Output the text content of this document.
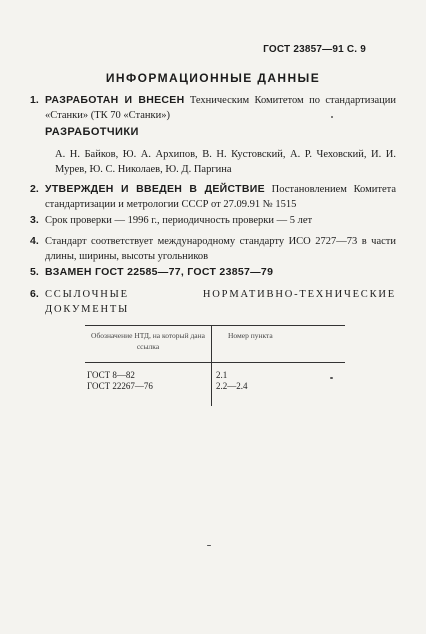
ГОСТ 23857—91 С. 9
ИНФОРМАЦИОННЫЕ ДАННЫЕ
1. РАЗРАБОТАН И ВНЕСЕН Техническим Комитетом по стандартизации «Станки» (ТК 70 «Станки»)
РАЗРАБОТЧИКИ
А. Н. Байков, Ю. А. Архипов, В. Н. Кустовский, А. Р. Чеховский, И. И. Мурев, Ю. С. Николаев, Ю. Д. Паргина
2. УТВЕРЖДЕН И ВВЕДЕН В ДЕЙСТВИЕ Постановлением Комитета стандартизации и метрологии СССР от 27.09.91 № 1515
3. Срок проверки — 1996 г., периодичность проверки — 5 лет
4. Стандарт соответствует международному стандарту ИСО 2727—73 в части длины, ширины, высоты угольников
5. ВЗАМЕН ГОСТ 22585—77, ГОСТ 23857—79
6. ССЫЛОЧНЫЕ НОРМАТИВНО-ТЕХНИЧЕСКИЕ ДОКУМЕНТЫ
Обозначение НТД, на который дана ссылка	Номер пункта
ГОСТ 8—82	2.1
ГОСТ 22267—76	2.2—2.4
